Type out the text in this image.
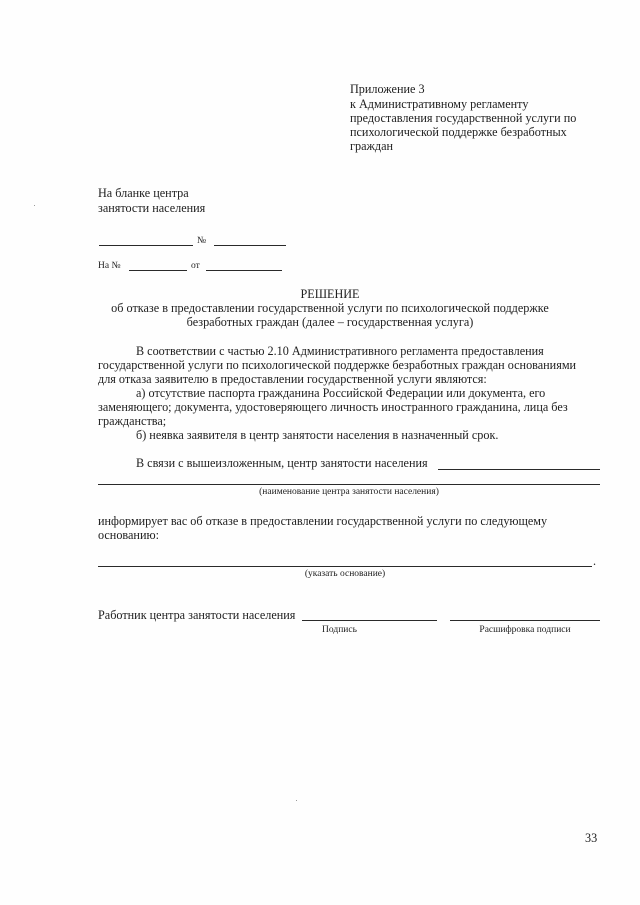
Приложение 3
к Административному регламенту
предоставления государственной услуги по
психологической поддержке безработных
граждан
На бланке центра
занятости населения
№
На №	от
РЕШЕНИЕ
об отказе в предоставлении государственной услуги по психологической поддержке
безработных граждан (далее – государственная услуга)
В соответствии с частью 2.10 Административного регламента предоставления
государственной услуги по психологической поддержке безработных граждан основаниями
для отказа заявителю в предоставлении государственной услуги являются:
а) отсутствие паспорта гражданина Российской Федерации или документа, его
заменяющего; документа, удостоверяющего личность иностранного гражданина, лица без
гражданства;
б) неявка заявителя в центр занятости населения в назначенный срок.
В связи с вышеизложенным, центр занятости населения
(наименование центра занятости населения)
информирует вас об отказе в предоставлении государственной услуги по следующему
основанию:
.
(указать основание)
Работник центра занятости населения
Подпись	Расшифровка подписи
33
